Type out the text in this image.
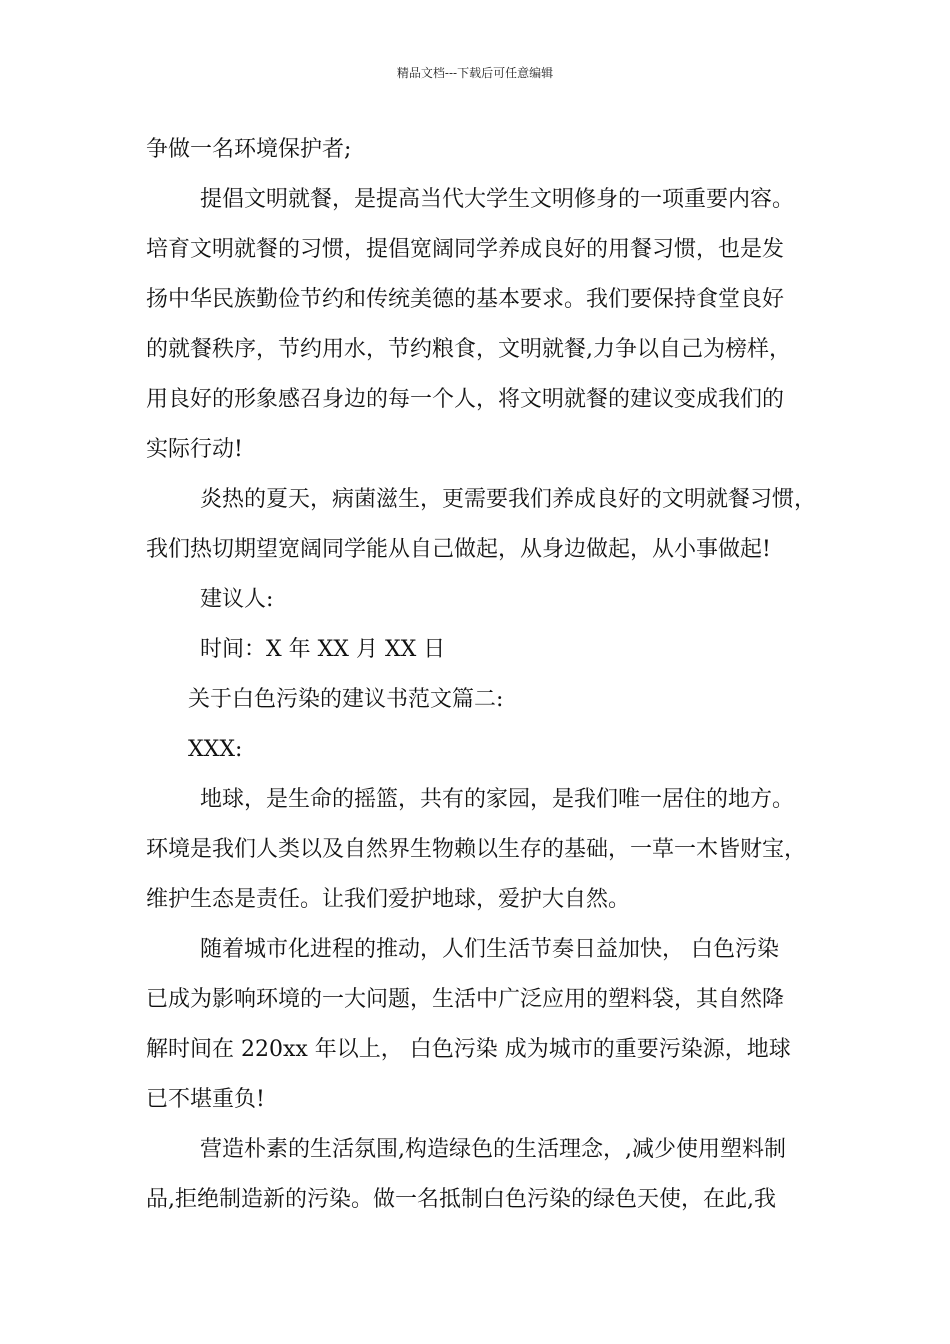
精品文档---下载后可任意编辑
争做一名环境保护者;
提倡文明就餐，是提高当代大学生文明修身的一项重要内容。
培育文明就餐的习惯，提倡宽阔同学养成良好的用餐习惯，也是发
扬中华民族勤俭节约和传统美德的基本要求。我们要保持食堂良好
的就餐秩序，节约用水，节约粮食，文明就餐,力争以自己为榜样，
用良好的形象感召身边的每一个人，将文明就餐的建议变成我们的
实际行动!
炎热的夏天，病菌滋生，更需要我们养成良好的文明就餐习惯，
我们热切期望宽阔同学能从自己做起，从身边做起，从小事做起!
建议人:
时间：X 年 XX 月 XX 日
关于白色污染的建议书范文篇二:
XXX:
地球，是生命的摇篮，共有的家园，是我们唯一居住的地方。
环境是我们人类以及自然界生物赖以生存的基础，一草一木皆财宝，
维护生态是责任。让我们爱护地球，爱护大自然。
随着城市化进程的推动，人们生活节奏日益加快， 白色污染
已成为影响环境的一大问题，生活中广泛应用的塑料袋，其自然降
解时间在 220xx 年以上， 白色污染 成为城市的重要污染源，地球
已不堪重负!
营造朴素的生活氛围,构造绿色的生活理念，,减少使用塑料制
品,拒绝制造新的污染。做一名抵制白色污染的绿色天使，在此,我
